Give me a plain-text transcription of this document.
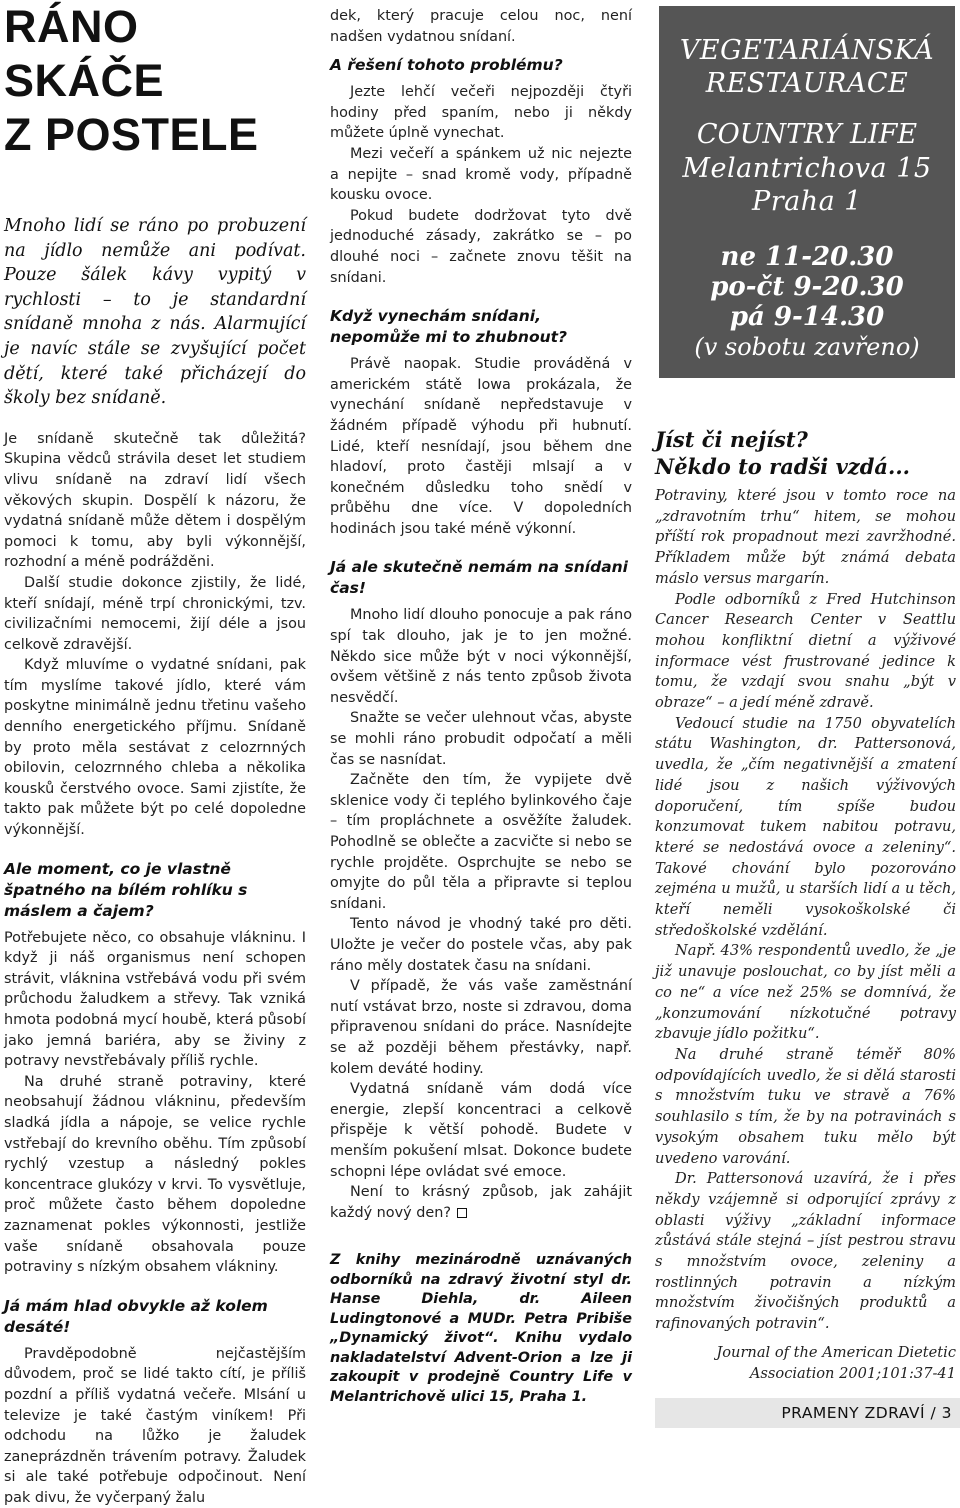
RÁNO SKÁČE
Z POSTELE

Mnoho lidí se ráno po probuzení na jídlo nemůže ani podívat. Pouze šálek kávy vypitý v rychlosti – to je standardní snídaně mnoha z nás. Alarmující je navíc stále se zvyšující počet dětí, které také přicházejí do školy bez snídaně.

Je snídaně skutečně tak důležitá? Skupina vědců strávila deset let studiem vlivu snídaně na zdraví lidí všech věkových skupin. Dospělí k názoru, že vydatná snídaně může dětem i dospělým pomoci k tomu, aby byli výkonnější, rozhodní a méně podrážděni.

Další studie dokonce zjistily, že lidé, kteří snídají, méně trpí chronickými, tzv. civilizačními nemocemi, žijí déle a jsou celkově zdravější.

Když mluvíme o vydatné snídani, pak tím myslíme takové jídlo, které vám poskytne minimálně jednu třetinu vašeho denního energetického příjmu. Snídaně by proto měla sestávat z celozrnných obilovin, celozrnného chleba a několika kousků čerstvého ovoce. Sami zjistíte, že takto pak můžete být po celé dopoledne výkonnější.

Ale moment, co je vlastně špatného na bílém rohlíku s máslem a čajem?

Potřebujete něco, co obsahuje vlákninu. I když ji náš organismus není schopen strávit, vláknina vstřebává vodu při svém průchodu žaludkem a střevy. Tak vzniká hmota podobná mycí houbě, která působí jako jemná bariéra, aby se živiny z potravy nevstřebávaly příliš rychle.

Na druhé straně potraviny, které neobsahují žádnou vlákninu, především sladká jídla a nápoje, se velice rychle vstřebají do krevního oběhu. Tím způsobí rychlý vzestup a následný pokles koncentrace glukózy v krvi. To vysvětluje, proč můžete často během dopoledne zaznamenat pokles výkonnosti, jestliže vaše snídaně obsahovala pouze potraviny s nízkým obsahem vlákniny.

Já mám hlad obvykle až kolem desáté!

Pravděpodobně nejčastějším důvodem, proč se lidé takto cítí, je příliš pozdní a příliš vydatná večeře. Mlsání u televize je také častým viníkem! Při odchodu na lůžko je žaludek zaneprázdněn trávením potravy. Žaludek si ale také potřebuje odpočinout. Není pak divu, že vyčerpaný žalu

dek, který pracuje celou noc, není nadšen vydatnou snídaní.

A řešení tohoto problému?

Jezte lehčí večeři nejpozději čtyři hodiny před spaním, nebo ji někdy můžete úplně vynechat.

Mezi večeří a spánkem už nic nejezte a nepijte – snad kromě vody, případně kousku ovoce.

Pokud budete dodržovat tyto dvě jednoduché zásady, zakrátko se – po dlouhé noci – začnete znovu těšit na snídani.

Když vynechám snídani, nepomůže mi to zhubnout?

Právě naopak. Studie prováděná v americkém státě Iowa prokázala, že vynechání snídaně nepředstavuje v žádném případě výhodu při hubnutí. Lidé, kteří nesnídají, jsou během dne hladoví, proto častěji mlsají a v konečném důsledku toho snědí v průběhu dne více. V dopoledních hodinách jsou také méně výkonní.

Já ale skutečně nemám na snídani čas!

Mnoho lidí dlouho ponocuje a pak ráno spí tak dlouho, jak je to jen možné. Někdo sice může být v noci výkonnější, ovšem většině z nás tento způsob života nesvědčí.

Snažte se večer ulehnout včas, abyste se mohli ráno probudit odpočatí a měli čas se nasnídat.

Začněte den tím, že vypijete dvě sklenice vody či teplého bylinkového čaje – tím propláchnete a osvěžíte žaludek. Pohodlně se oblečte a zacvičte si nebo se rychle projděte. Osprchujte se nebo se omyjte do půl těla a připravte si teplou snídani.

Tento návod je vhodný také pro děti. Uložte je večer do postele včas, aby pak ráno měly dostatek času na snídani.

V případě, že vás vaše zaměstnání nutí vstávat brzo, noste si zdravou, doma připravenou snídani do práce. Nasnídejte se až později během přestávky, např. kolem deváté hodiny.

Vydatná snídaně vám dodá více energie, zlepší koncentraci a celkově přispěje k větší pohodě. Budete v menším pokušení mlsat. Dokonce budete schopni lépe ovládat své emoce.

Není to krásný způsob, jak zahájit každý nový den?

Z knihy mezinárodně uznávaných odborníků na zdravý životní styl dr. Hanse Diehla, dr. Aileen Ludingtonové a MUDr. Petra Pribiše „Dynamický život“. Knihu vydalo nakladatelství Advent-Orion a lze ji zakoupit v prodejně Country Life v Melantrichově ulici 15, Praha 1.
VEGETARIÁNSKÁ
RESTAURACE
COUNTRY LIFE
Melantrichova 15
Praha 1
ne 11-20.30
po-čt 9-20.30
pá 9-14.30
(v sobotu zavřeno)
Jíst či nejíst?
Někdo to radši vzdá...

Potraviny, které jsou v tomto roce na „zdravotním trhu“ hitem, se mohou příští rok propadnout mezi zavržhodné. Příkladem může být známá debata máslo versus margarín.

Podle odborníků z Fred Hutchinson Cancer Research Center v Seattlu mohou konfliktní dietní a výživové informace vést frustrované jedince k tomu, že vzdají svou snahu „být v obraze“ – a jedí méně zdravě.

Vedoucí studie na 1750 obyvatelích státu Washington, dr. Pattersonová, uvedla, že „čím negativnější a zmatení lidé jsou z našich výživových doporučení, tím spíše budou konzumovat tukem nabitou potravu, které se nedostává ovoce a zeleniny“. Takové chování bylo pozorováno zejména u mužů, u starších lidí a u těch, kteří neměli vysokoškolské či středoškolské vzdělání.

Např. 43% respondentů uvedlo, že „je již unavuje poslouchat, co by jíst měli a co ne“ a více než 25% se domnívá, že „konzumování nízkotučné potravy zbavuje jídlo požitku“.

Na druhé straně téměř 80% odpovídajících uvedlo, že si dělá starosti s množstvím tuku ve stravě a 76% souhlasilo s tím, že by na potravinách s vysokým obsahem tuku mělo být uvedeno varování.

Dr. Pattersonová uzavírá, že i přes někdy vzájemně si odporující zprávy z oblasti výživy „základní informace zůstává stále stejná – jíst pestrou stravu s množstvím ovoce, zeleniny a rostlinných potravin a nízkým množstvím živočišných produktů a rafinovaných potravin“.

Journal of the American Dietetic
Association 2001;101:37-41
PRAMENY ZDRAVÍ / 3
